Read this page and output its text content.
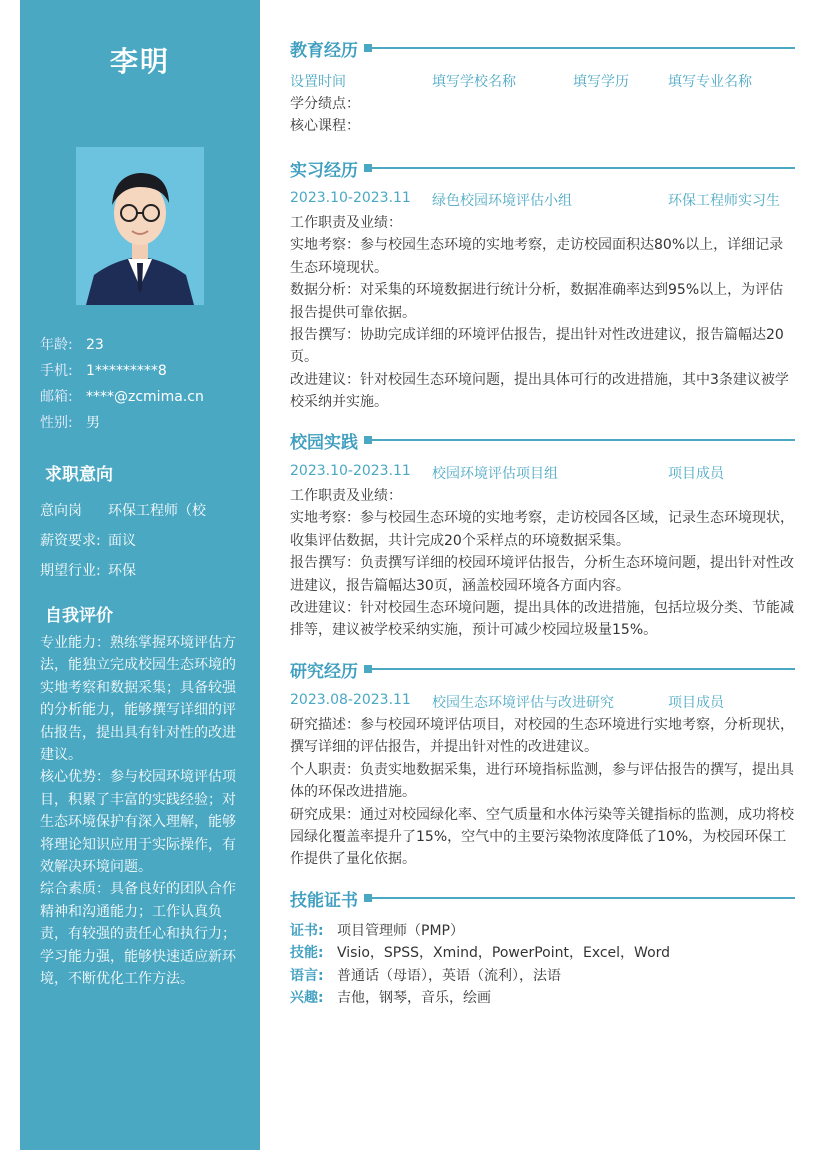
李明
年龄: 23
手机: 1*********8
邮箱: ****@zcmima.cn
性别: 男
求职意向
意向岗	环保工程师（校
薪资要求: 面议
期望行业: 环保
自我评价

专业能力：熟练掌握环境评估方法，能独立完成校园生态环境的实地考察和数据采集；具备较强的分析能力，能够撰写详细的评估报告，提出具有针对性的改进建议。

核心优势：参与校园环境评估项目，积累了丰富的实践经验；对生态环境保护有深入理解，能够将理论知识应用于实际操作，有效解决环境问题。

综合素质：具备良好的团队合作精神和沟通能力；工作认真负责，有较强的责任心和执行力；学习能力强，能够快速适应新环境，不断优化工作方法。

教育经历
设置时间	填写学校名称	填写学历	填写专业名称

学分绩点：

核心课程：

实习经历
2023.10-2023.11 绿色校园环境评估小组	环保工程师实习生

工作职责及业绩：

实地考察：参与校园生态环境的实地考察，走访校园面积达80%以上，详细记录生态环境现状。

数据分析：对采集的环境数据进行统计分析，数据准确率达到95%以上，为评估报告提供可靠依据。

报告撰写：协助完成详细的环境评估报告，提出针对性改进建议，报告篇幅达20页。

改进建议：针对校园生态环境问题，提出具体可行的改进措施，其中3条建议被学校采纳并实施。

校园实践
2023.10-2023.11 校园环境评估项目组	项目成员

工作职责及业绩：

实地考察：参与校园生态环境的实地考察，走访校园各区域，记录生态环境现状，收集评估数据，共计完成20个采样点的环境数据采集。

报告撰写：负责撰写详细的校园环境评估报告，分析生态环境问题，提出针对性改进建议，报告篇幅达30页，涵盖校园环境各方面内容。

改进建议：针对校园生态环境问题，提出具体的改进措施，包括垃圾分类、节能减排等，建议被学校采纳实施，预计可减少校园垃圾量15%。

研究经历
2023.08-2023.11 校园生态环境评估与改进研究	项目成员

研究描述：参与校园环境评估项目，对校园的生态环境进行实地考察，分析现状，撰写详细的评估报告，并提出针对性的改进建议。

个人职责：负责实地数据采集，进行环境指标监测，参与评估报告的撰写，提出具体的环保改进措施。

研究成果：通过对校园绿化率、空气质量和水体污染等关键指标的监测，成功将校园绿化覆盖率提升了15%，空气中的主要污染物浓度降低了10%，为校园环保工作提供了量化依据。

技能证书
证书: 项目管理师（PMP）
技能: Visio，SPSS，Xmind，PowerPoint，Excel，Word
语言: 普通话（母语），英语（流利），法语
兴趣: 吉他，钢琴，音乐，绘画
